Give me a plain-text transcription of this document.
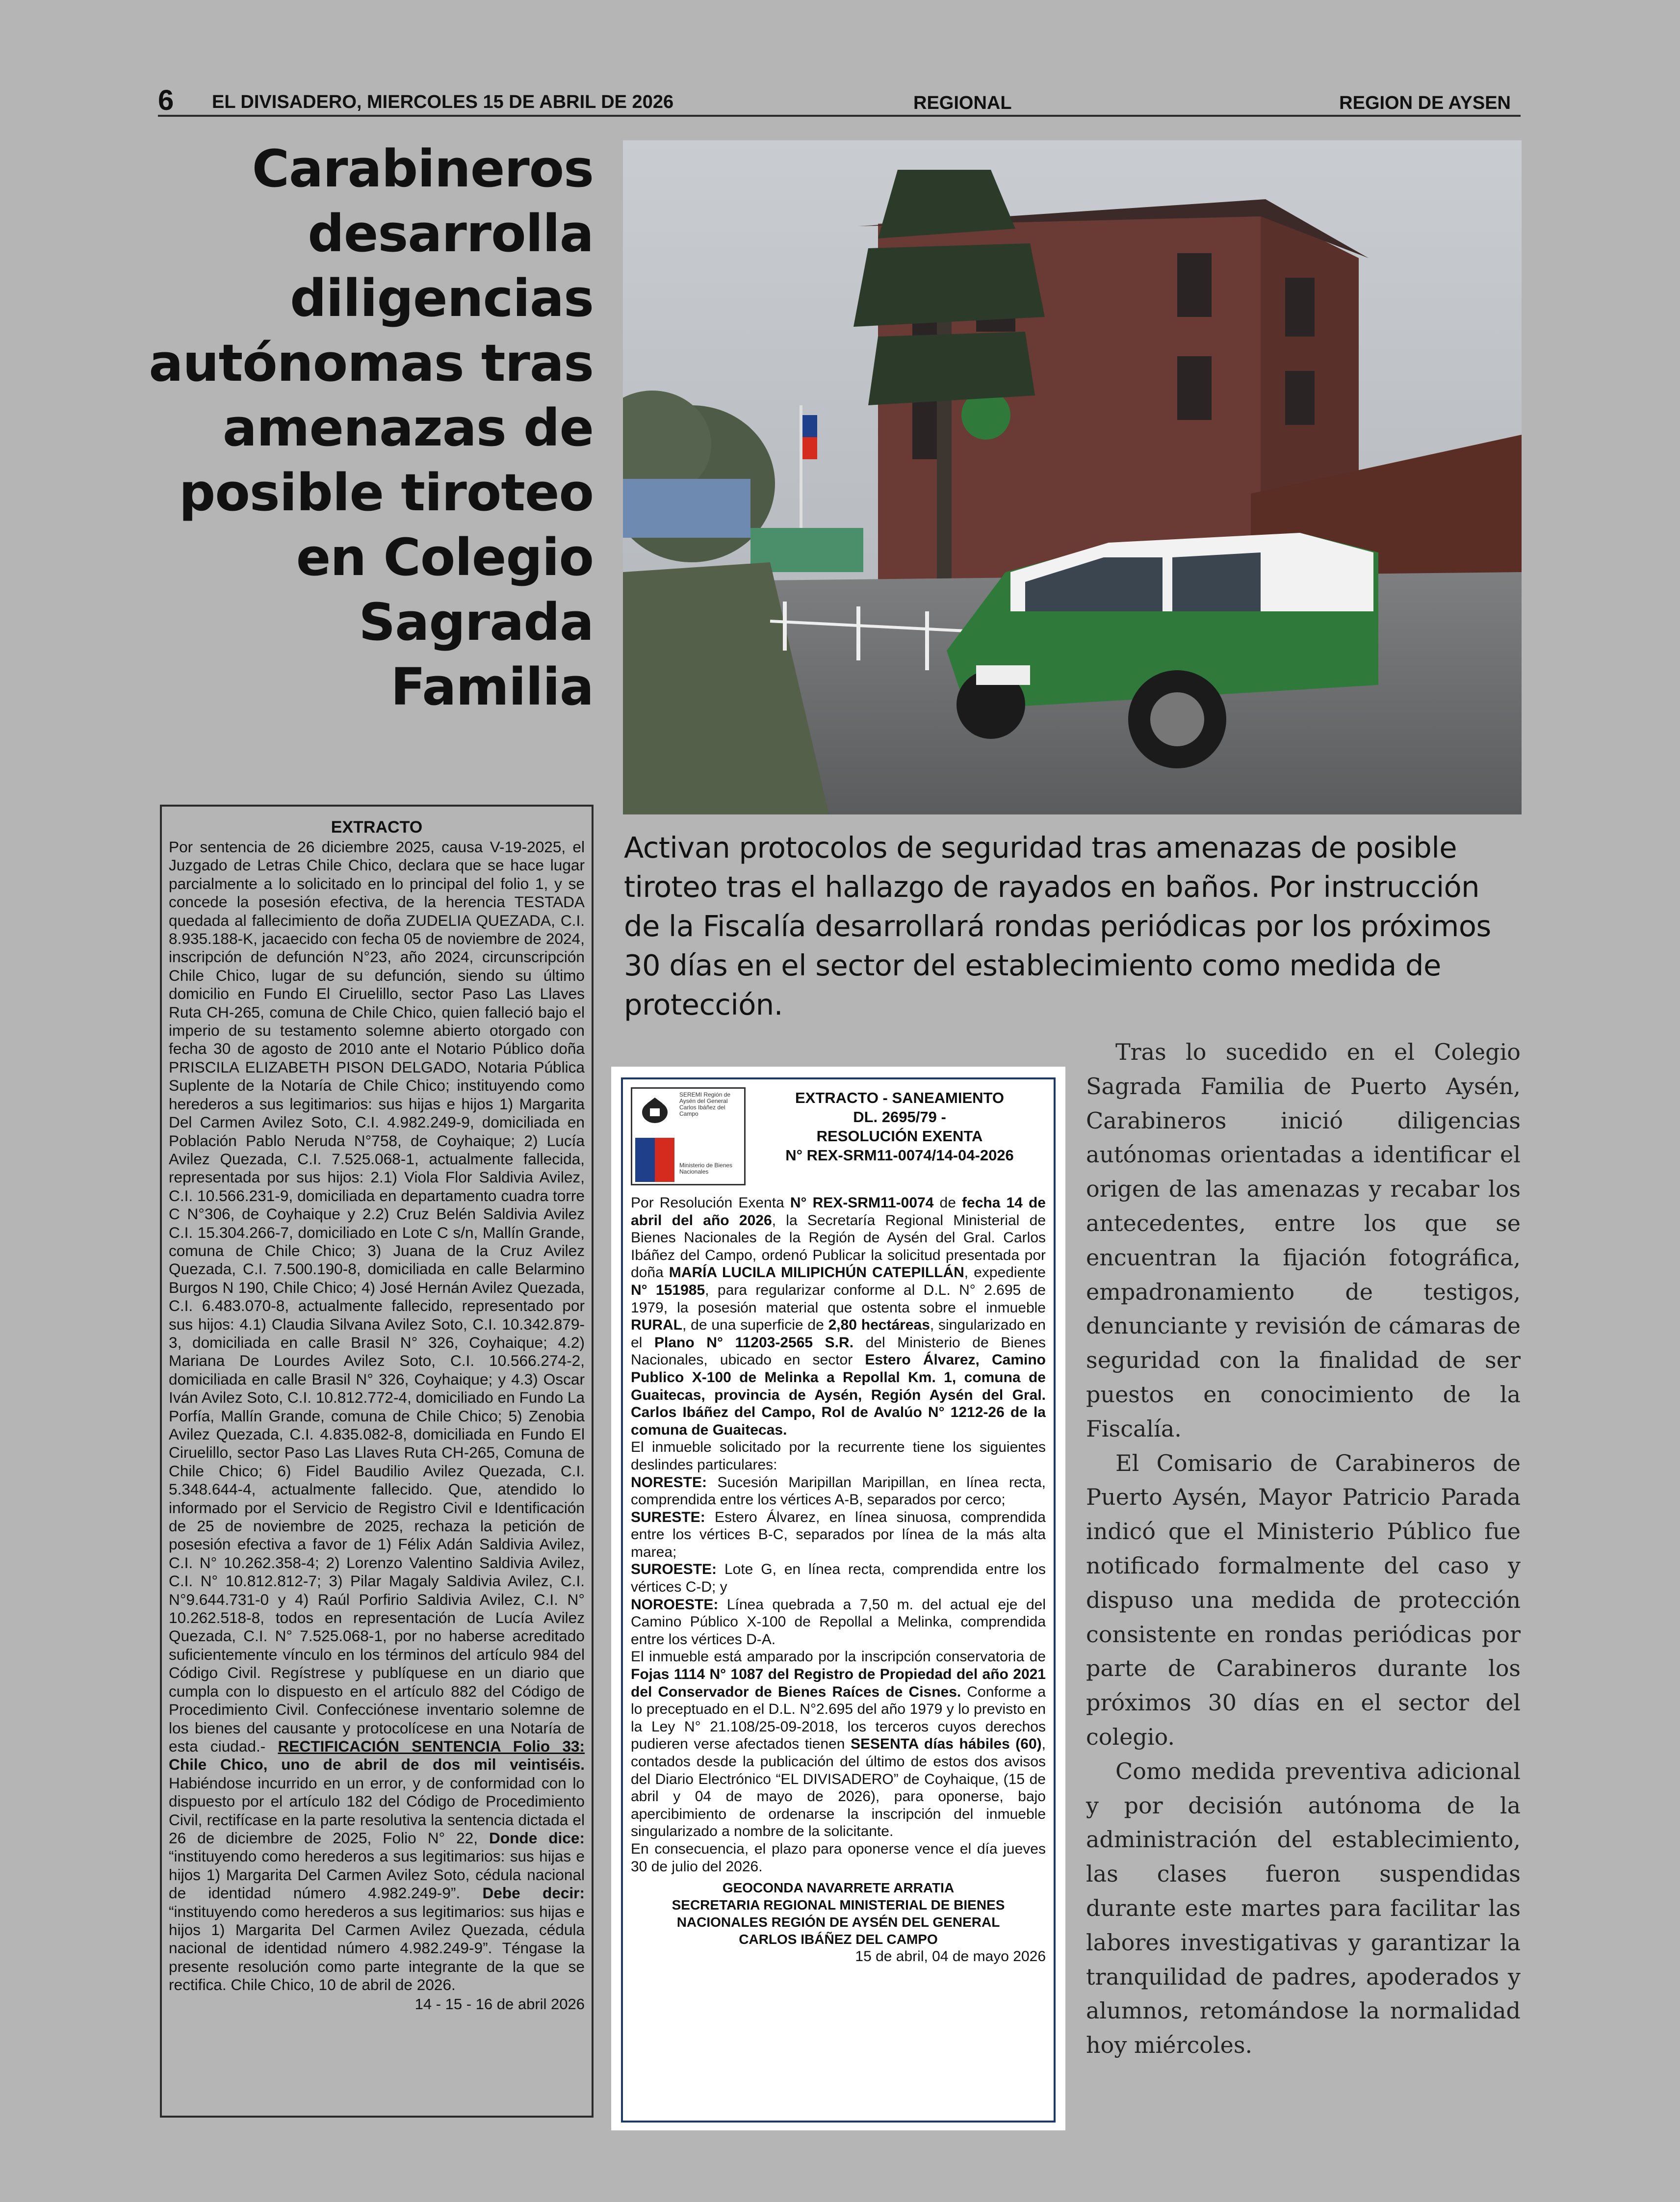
6 EL DIVISADERO, MIERCOLES 15 DE ABRIL DE 2026	REGIONAL	REGION DE AYSEN
Carabineros
desarrolla
diligencias
autónomas tras
amenazas de
posible tiroteo
en Colegio
Sagrada
Familia
Activan protocolos de seguridad tras amenazas de posible tiroteo tras el hallazgo de rayados en baños. Por instrucción de la Fiscalía desarrollará rondas periódicas por los próximos 30 días en el sector del establecimiento como medida de protección.
EXTRACTO
Por sentencia de 26 diciembre 2025, causa V-19-2025, el Juzgado de Letras Chile Chico, declara que se hace lugar parcialmente a lo solicitado en lo principal del folio 1, y se concede la posesión efectiva, de la herencia TESTADA quedada al fallecimiento de doña ZUDELIA QUEZADA, C.I. 8.935.188-K, jacaecido con fecha 05 de noviembre de 2024, inscripción de defunción N°23, año 2024, circunscripción Chile Chico, lugar de su defunción, siendo su último domicilio en Fundo El Ciruelillo, sector Paso Las Llaves Ruta CH-265, comuna de Chile Chico, quien falleció bajo el imperio de su testamento solemne abierto otorgado con fecha 30 de agosto de 2010 ante el Notario Público doña PRISCILA ELIZABETH PISON DELGADO, Notaria Pública Suplente de la Notaría de Chile Chico; instituyendo como herederos a sus legitimarios: sus hijas e hijos 1) Margarita Del Carmen Avilez Soto, C.I. 4.982.249-9, domiciliada en Población Pablo Neruda N°758, de Coyhaique; 2) Lucía Avilez Quezada, C.I. 7.525.068-1, actualmente fallecida, representada por sus hijos: 2.1) Viola Flor Saldivia Avilez, C.I. 10.566.231-9, domiciliada en departamento cuadra torre C N°306, de Coyhaique y 2.2) Cruz Belén Saldivia Avilez C.I. 15.304.266-7, domiciliado en Lote C s/n, Mallín Grande, comuna de Chile Chico; 3) Juana de la Cruz Avilez Quezada, C.I. 7.500.190-8, domiciliada en calle Belarmino Burgos N 190, Chile Chico; 4) José Hernán Avilez Quezada, C.I. 6.483.070-8, actualmente fallecido, representado por sus hijos: 4.1) Claudia Silvana Avilez Soto, C.I. 10.342.879-3, domiciliada en calle Brasil N° 326, Coyhaique; 4.2) Mariana De Lourdes Avilez Soto, C.I. 10.566.274-2, domiciliada en calle Brasil N° 326, Coyhaique; y 4.3) Oscar Iván Avilez Soto, C.I. 10.812.772-4, domiciliado en Fundo La Porfía, Mallín Grande, comuna de Chile Chico; 5) Zenobia Avilez Quezada, C.I. 4.835.082-8, domiciliada en Fundo El Ciruelillo, sector Paso Las Llaves Ruta CH-265, Comuna de Chile Chico; 6) Fidel Baudilio Avilez Quezada, C.I. 5.348.644-4, actualmente fallecido. Que, atendido lo informado por el Servicio de Registro Civil e Identificación de 25 de noviembre de 2025, rechaza la petición de posesión efectiva a favor de 1) Félix Adán Saldivia Avilez, C.I. N° 10.262.358-4; 2) Lorenzo Valentino Saldivia Avilez, C.I. N° 10.812.812-7; 3) Pilar Magaly Saldivia Avilez, C.I. N°9.644.731-0 y 4) Raúl Porfirio Saldivia Avilez, C.I. N° 10.262.518-8, todos en representación de Lucía Avilez Quezada, C.I. N° 7.525.068-1, por no haberse acreditado suficientemente vínculo en los términos del artículo 984 del Código Civil. Regístrese y publíquese en un diario que cumpla con lo dispuesto en el artículo 882 del Código de Procedimiento Civil. Confecciónese inventario solemne de los bienes del causante y protocolícese en una Notaría de esta ciudad.- RECTIFICACIÓN SENTENCIA Folio 33: Chile Chico, uno de abril de dos mil veintiséis. Habiéndose incurrido en un error, y de conformidad con lo dispuesto por el artículo 182 del Código de Procedimiento Civil, rectifícase en la parte resolutiva la sentencia dictada el 26 de diciembre de 2025, Folio N° 22, Donde dice: “instituyendo como herederos a sus legitimarios: sus hijas e hijos 1) Margarita Del Carmen Avilez Soto, cédula nacional de identidad número 4.982.249-9”. Debe decir: “instituyendo como herederos a sus legitimarios: sus hijas e hijos 1) Margarita Del Carmen Avilez Quezada, cédula nacional de identidad número 4.982.249-9”. Téngase la presente resolución como parte integrante de la que se rectifica. Chile Chico, 10 de abril de 2026.
14 - 15 - 16 de abril 2026
SEREMI Región de Aysén del General Carlos Ibáñez del Campo
Ministerio de Bienes Nacionales
EXTRACTO - SANEAMIENTO
DL. 2695/79 -
RESOLUCIÓN EXENTA
N° REX-SRM11-0074/14-04-2026
Por Resolución Exenta N° REX-SRM11-0074 de fecha 14 de abril del año 2026, la Secretaría Regional Ministerial de Bienes Nacionales de la Región de Aysén del Gral. Carlos Ibáñez del Campo, ordenó Publicar la solicitud presentada por doña MARÍA LUCILA MILIPICHÚN CATEPILLÁN, expediente N° 151985, para regularizar conforme al D.L. N° 2.695 de 1979, la posesión material que ostenta sobre el inmueble RURAL, de una superficie de 2,80 hectáreas, singularizado en el Plano N° 11203-2565 S.R. del Ministerio de Bienes Nacionales, ubicado en sector Estero Álvarez, Camino Publico X-100 de Melinka a Repollal Km. 1, comuna de Guaitecas, provincia de Aysén, Región Aysén del Gral. Carlos Ibáñez del Campo, Rol de Avalúo N° 1212-26 de la comuna de Guaitecas.
El inmueble solicitado por la recurrente tiene los siguientes deslindes particulares:
NORESTE: Sucesión Maripillan Maripillan, en línea recta, comprendida entre los vértices A-B, separados por cerco;
SURESTE: Estero Álvarez, en línea sinuosa, comprendida entre los vértices B-C, separados por línea de la más alta marea;
SUROESTE: Lote G, en línea recta, comprendida entre los vértices C-D; y
NOROESTE: Línea quebrada a 7,50 m. del actual eje del Camino Público X-100 de Repollal a Melinka, comprendida entre los vértices D-A.
El inmueble está amparado por la inscripción conservatoria de Fojas 1114 N° 1087 del Registro de Propiedad del año 2021 del Conservador de Bienes Raíces de Cisnes. Conforme a lo preceptuado en el D.L. N°2.695 del año 1979 y lo previsto en la Ley N° 21.108/25-09-2018, los terceros cuyos derechos pudieren verse afectados tienen SESENTA días hábiles (60), contados desde la publicación del último de estos dos avisos del Diario Electrónico “EL DIVISADERO” de Coyhaique, (15 de abril y 04 de mayo de 2026), para oponerse, bajo apercibimiento de ordenarse la inscripción del inmueble singularizado a nombre de la solicitante.
En consecuencia, el plazo para oponerse vence el día jueves 30 de julio del 2026.
GEOCONDA NAVARRETE ARRATIA
SECRETARIA REGIONAL MINISTERIAL DE BIENES
NACIONALES REGIÓN DE AYSÉN DEL GENERAL
CARLOS IBÁÑEZ DEL CAMPO
15 de abril, 04 de mayo 2026

Tras lo sucedido en el Colegio Sagrada Familia de Puerto Aysén, Carabineros inició diligencias autónomas orientadas a identificar el origen de las amenazas y recabar los antecedentes, entre los que se encuentran la fijación fotográfica, empadronamiento de testigos, denunciante y revisión de cámaras de seguridad con la finalidad de ser puestos en conocimiento de la Fiscalía.

El Comisario de Carabineros de Puerto Aysén, Mayor Patricio Parada indicó que el Ministerio Público fue notificado formalmente del caso y dispuso una medida de protección consistente en rondas periódicas por parte de Carabineros durante los próximos 30 días en el sector del colegio.

Como medida preventiva adicional y por decisión autónoma de la administración del establecimiento, las clases fueron suspendidas durante este martes para facilitar las labores investigativas y garantizar la tranquilidad de padres, apoderados y alumnos, retomándose la normalidad hoy miércoles.
